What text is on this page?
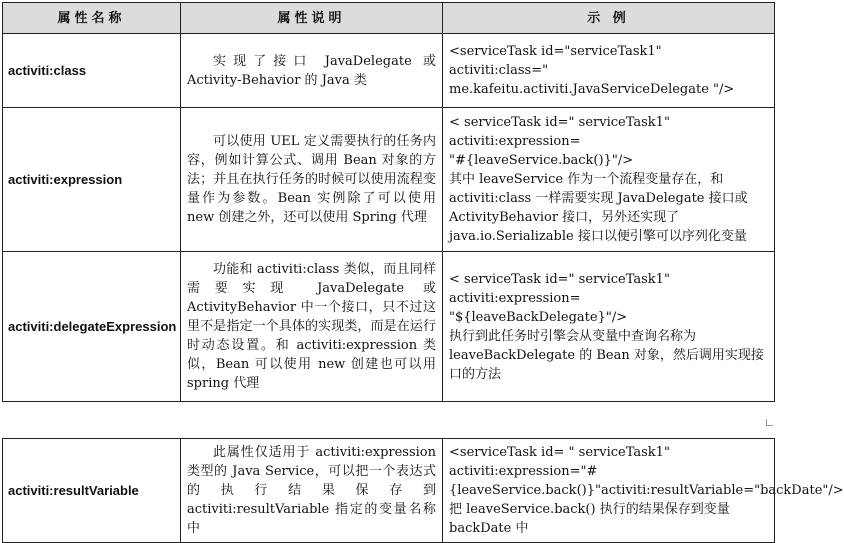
属性名称	属性说明	示 例
activiti:class	实现了接口 JavaDelegate 或 Activity-Behavior 的 Java 类	<serviceTask id="serviceTask1"
activiti:class="
me.kafeitu.activiti.JavaServiceDelegate "/>
activiti:expression	可以使用 UEL 定义需要执行的任务内容，例如计算公式、调用 Bean 对象的方法；并且在执行任务的时候可以使用流程变量作为参数。Bean 实例除了可以使用 new 创建之外，还可以使用 Spring 代理	< serviceTask id=" serviceTask1"
activiti:expression=
"#{leaveService.back()}"/>
其中 leaveService 作为一个流程变量存在，和 activiti:class 一样需要实现 JavaDelegate 接口或 ActivityBehavior 接口，另外还实现了 java.io.Serializable 接口以便引擎可以序列化变量
activiti:delegateExpression	功能和 activiti:class 类似，而且同样需要实现 JavaDelegate 或 ActivityBehavior 中一个接口，只不过这里不是指定一个具体的实现类，而是在运行时动态设置。和 activiti:expression 类似，Bean 可以使用 new 创建也可以用 spring 代理	< serviceTask id=" serviceTask1"
activiti:expression=
"${leaveBackDelegate}"/>
执行到此任务时引擎会从变量中查询名称为 leaveBackDelegate 的 Bean 对象，然后调用实现接口的方法
activiti:resultVariable	此属性仅适用于 activiti:expression 类型的 Java Service，可以把一个表达式的执行结果保存到 activiti:resultVariable 指定的变量名称中	<serviceTask id= " serviceTask1" activiti:expression="#{leaveService.back()}"activiti:resultVariable="backDate"/> 把 leaveService.back() 执行的结果保存到变量 backDate 中
